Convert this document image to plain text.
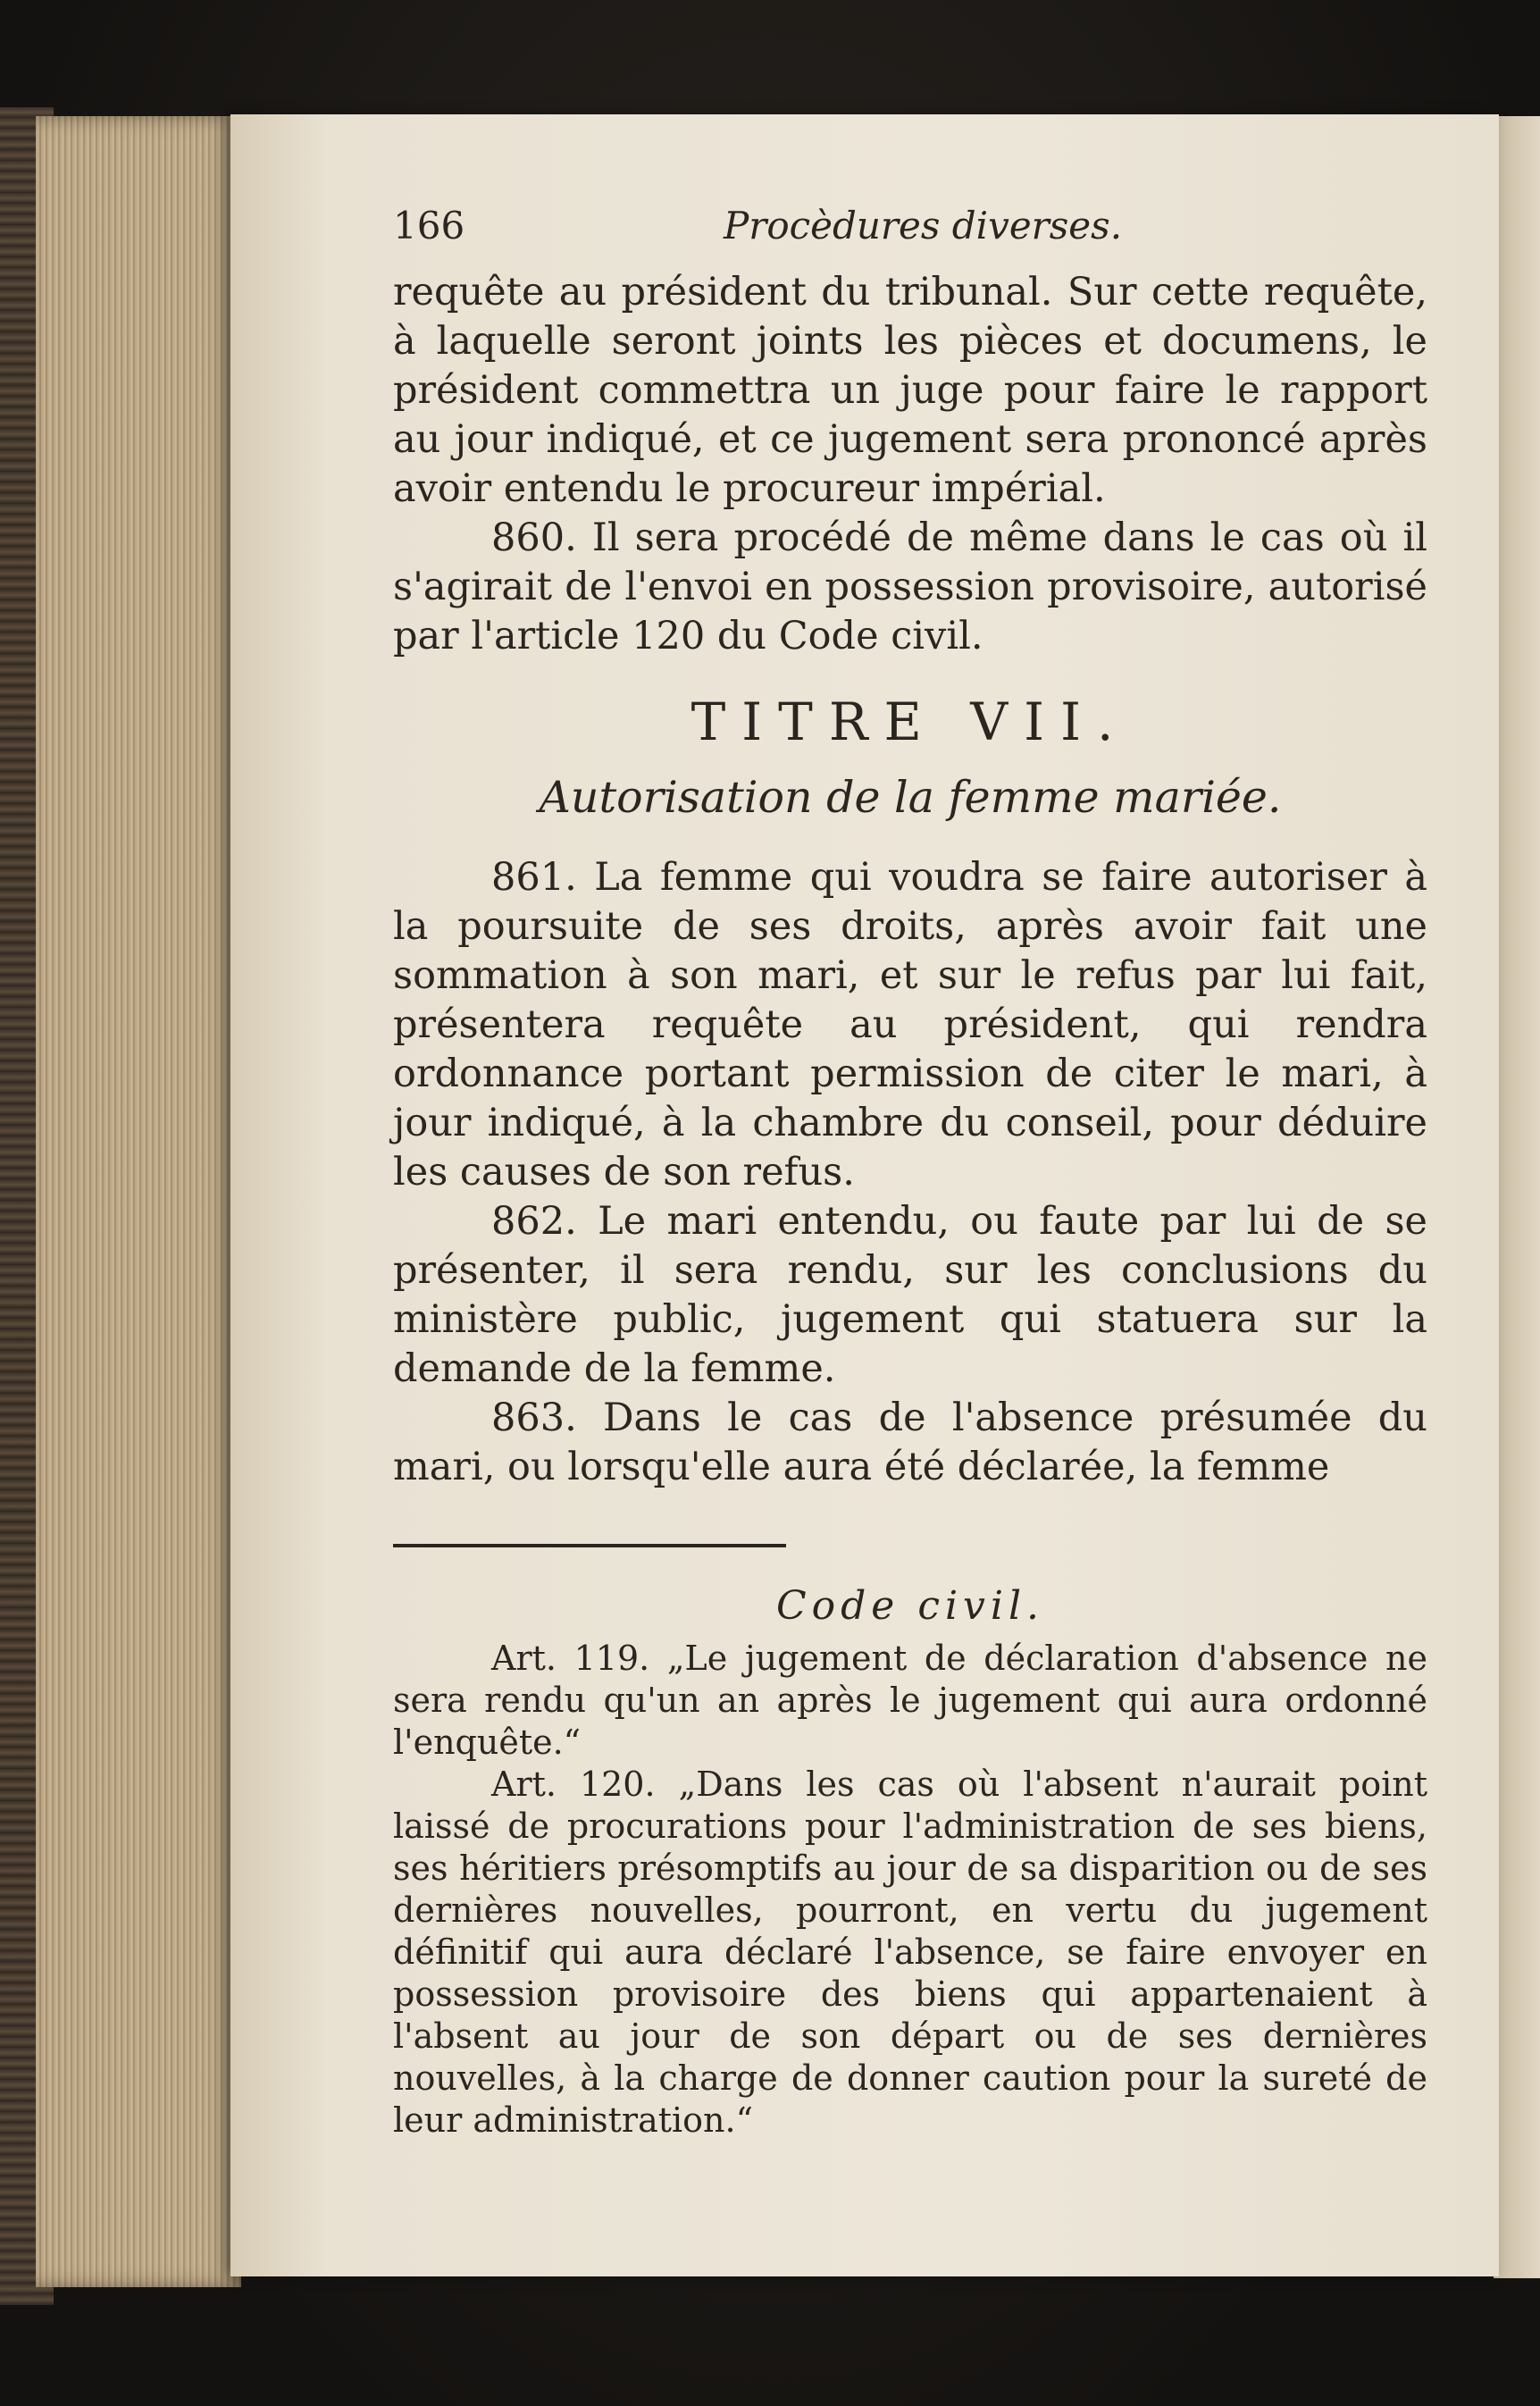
166	Procèdures diverses.

requête au président du tribunal. Sur cette requête, à laquelle seront joints les pièces et documens, le président commettra un juge pour faire le rapport au jour indiqué, et ce jugement sera prononcé après avoir entendu le procureur impérial.

860. Il sera procédé de même dans le cas où il s'agirait de l'envoi en possession provisoire, autorisé par l'article 120 du Code civil.

TITRE VII.
Autorisation de la femme mariée.

861. La femme qui voudra se faire autoriser à la poursuite de ses droits, après avoir fait une sommation à son mari, et sur le refus par lui fait, présentera requête au président, qui rendra ordonnance portant permission de citer le mari, à jour indiqué, à la chambre du conseil, pour déduire les causes de son refus.

862. Le mari entendu, ou faute par lui de se présenter, il sera rendu, sur les conclusions du ministère public, jugement qui statuera sur la demande de la femme.

863. Dans le cas de l'absence présumée du mari, ou lorsqu'elle aura été déclarée, la femme

Code civil.

Art. 119. „Le jugement de déclaration d'absence ne sera rendu qu'un an après le jugement qui aura ordonné l'enquête.“

Art. 120. „Dans les cas où l'absent n'aurait point laissé de procurations pour l'administration de ses biens, ses héritiers présomptifs au jour de sa disparition ou de ses dernières nouvelles, pourront, en vertu du jugement définitif qui aura déclaré l'absence, se faire envoyer en possession provisoire des biens qui appartenaient à l'absent au jour de son départ ou de ses dernières nouvelles, à la charge de donner caution pour la sureté de leur administration.“
